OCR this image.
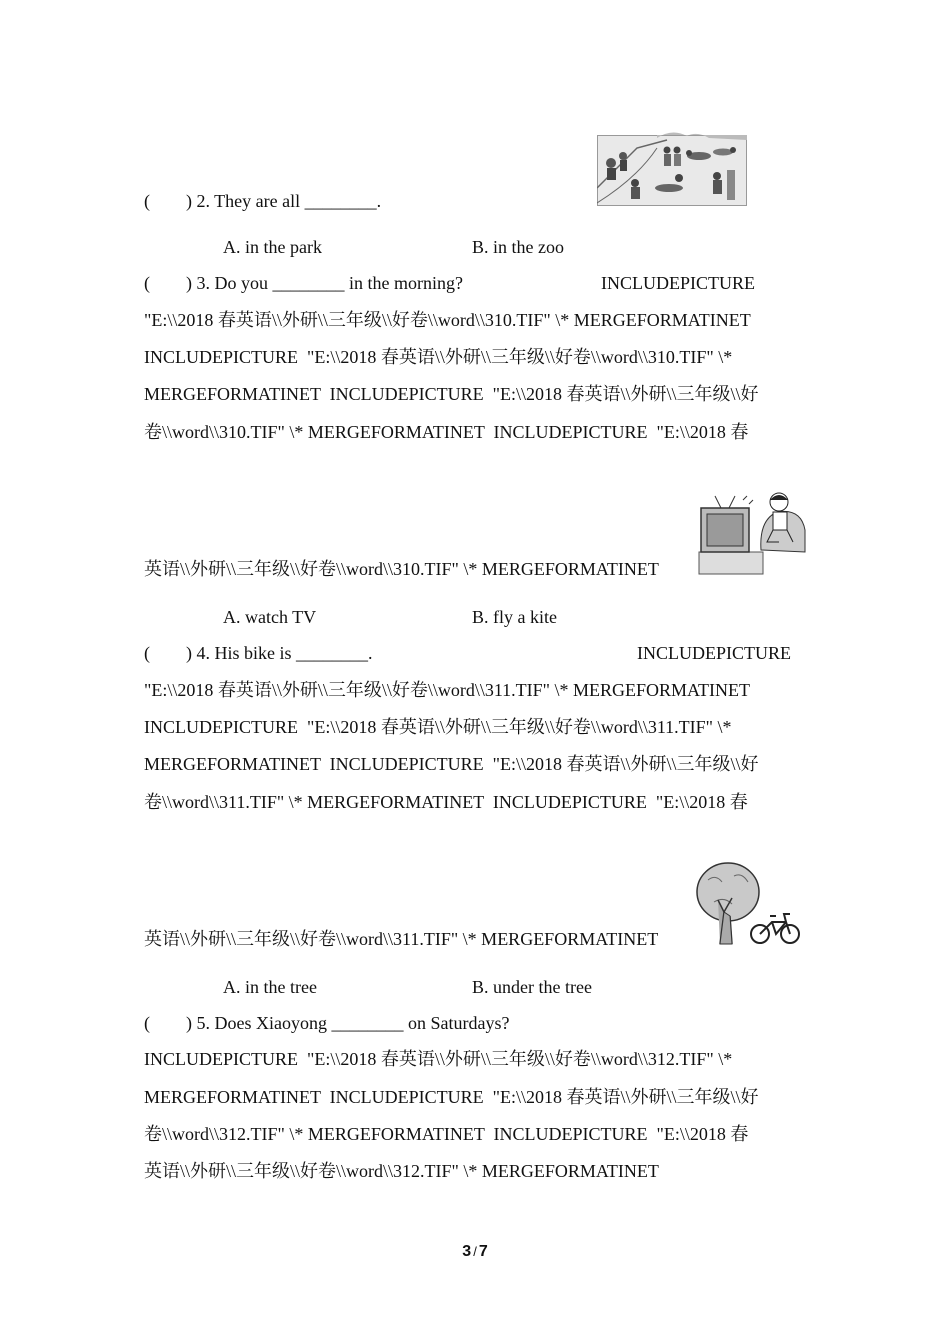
(        ) 2. They are all ________.
A. in the park	B. in the zoo
(        ) 3. Do you ________ in the morning?	INCLUDEPICTURE
"E:\\2018 春英语\\外研\\三年级\\好卷\\word\\310.TIF" \* MERGEFORMATINET
INCLUDEPICTURE  "E:\\2018 春英语\\外研\\三年级\\好卷\\word\\310.TIF" \*
MERGEFORMATINET  INCLUDEPICTURE  "E:\\2018 春英语\\外研\\三年级\\好
卷\\word\\310.TIF" \* MERGEFORMATINET  INCLUDEPICTURE  "E:\\2018 春
英语\\外研\\三年级\\好卷\\word\\310.TIF" \* MERGEFORMATINET
A. watch TV	B. fly a kite
(        ) 4. His bike is ________.	INCLUDEPICTURE
"E:\\2018 春英语\\外研\\三年级\\好卷\\word\\311.TIF" \* MERGEFORMATINET
INCLUDEPICTURE  "E:\\2018 春英语\\外研\\三年级\\好卷\\word\\311.TIF" \*
MERGEFORMATINET  INCLUDEPICTURE  "E:\\2018 春英语\\外研\\三年级\\好
卷\\word\\311.TIF" \* MERGEFORMATINET  INCLUDEPICTURE  "E:\\2018 春
英语\\外研\\三年级\\好卷\\word\\311.TIF" \* MERGEFORMATINET
A. in the tree	B. under the tree
(        ) 5. Does Xiaoyong ________ on Saturdays?
INCLUDEPICTURE  "E:\\2018 春英语\\外研\\三年级\\好卷\\word\\312.TIF" \*
MERGEFORMATINET  INCLUDEPICTURE  "E:\\2018 春英语\\外研\\三年级\\好
卷\\word\\312.TIF" \* MERGEFORMATINET  INCLUDEPICTURE  "E:\\2018 春
英语\\外研\\三年级\\好卷\\word\\312.TIF" \* MERGEFORMATINET
3 / 7
